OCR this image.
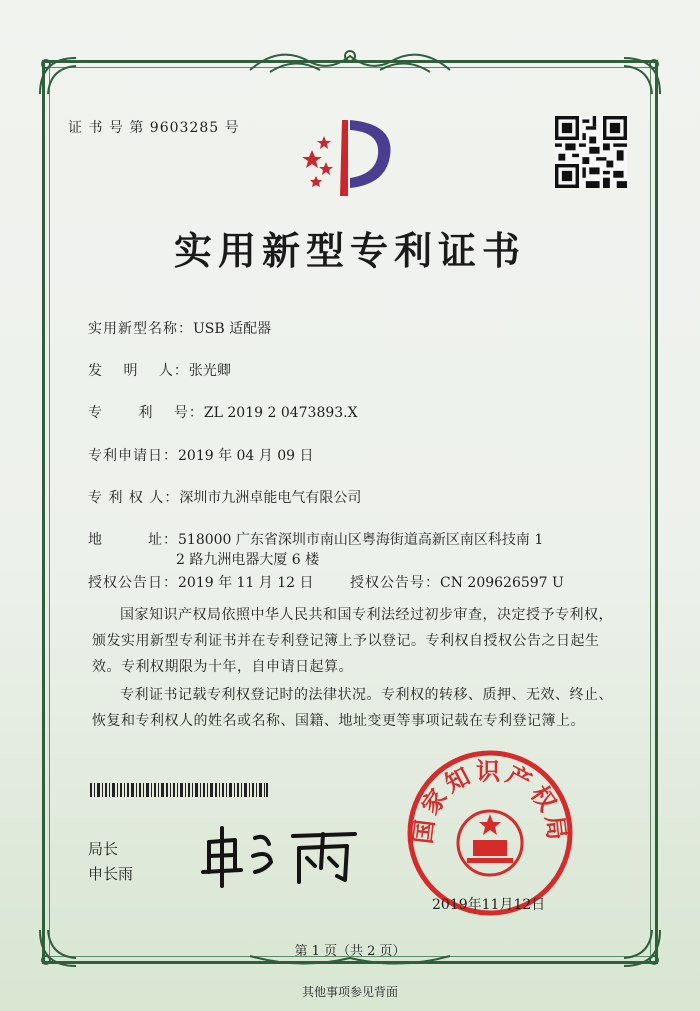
证 书 号 第 9603285 号
实用新型专利证书
实用新型名称：USB 适配器
发　 明　 人：张光卿
专　　 利　 号：ZL 2019 2 0473893.X
专利申请日：2019 年 04 月 09 日
专 利 权 人：深圳市九洲卓能电气有限公司
地　　　址：518000 广东省深圳市南山区粤海街道高新区南区科技南 1
2 路九洲电器大厦 6 楼
授权公告日：2019 年 11 月 12 日	授权公告号：CN 209626597 U
国家知识产权局依照中华人民共和国专利法经过初步审查，决定授予专利权，颁发实用新型专利证书并在专利登记簿上予以登记。专利权自授权公告之日起生效。专利权期限为十年，自申请日起算。
专利证书记载专利权登记时的法律状况。专利权的转移、质押、无效、终止、恢复和专利权人的姓名或名称、国籍、地址变更等事项记载在专利登记簿上。
局长
申长雨
国家知识产权局
2019年11月12日
第 1 页（共 2 页）
其他事项参见背面
